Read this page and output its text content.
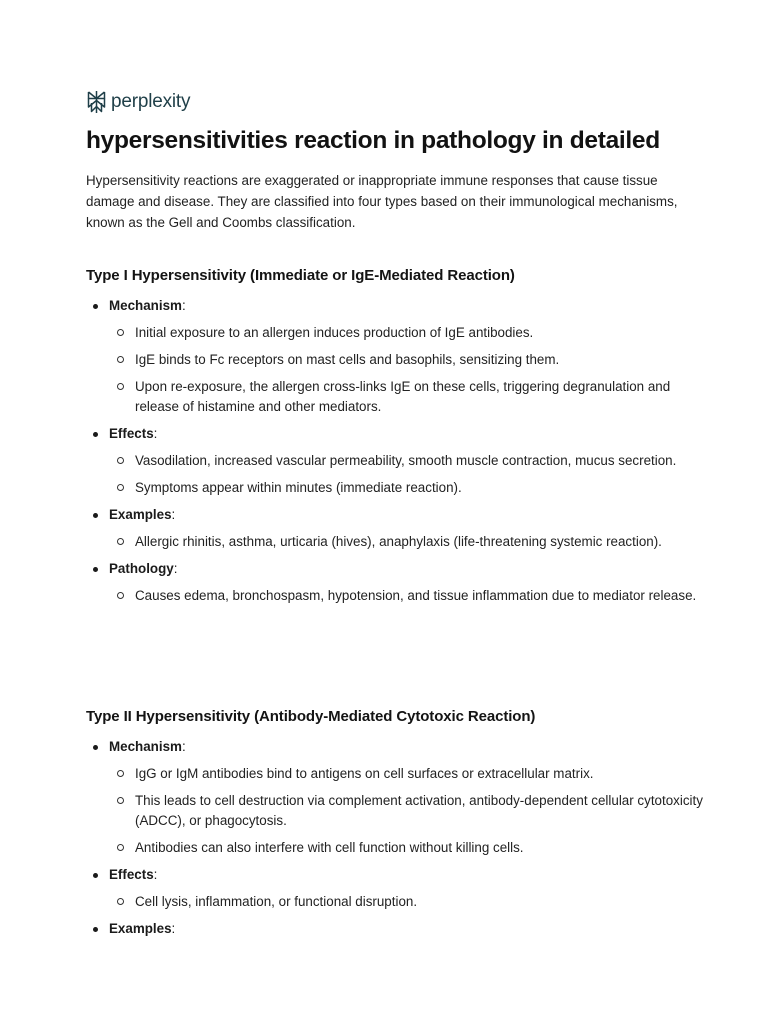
perplexity
hypersensitivities reaction in pathology in detailed

Hypersensitivity reactions are exaggerated or inappropriate immune responses that cause tissue damage and disease. They are classified into four types based on their immunological mechanisms, known as the Gell and Coombs classification.

Type I Hypersensitivity (Immediate or IgE-Mediated Reaction)
Mechanism:
Initial exposure to an allergen induces production of IgE antibodies.
IgE binds to Fc receptors on mast cells and basophils, sensitizing them.
Upon re-exposure, the allergen cross-links IgE on these cells, triggering degranulation and release of histamine and other mediators.
Effects:
Vasodilation, increased vascular permeability, smooth muscle contraction, mucus secretion.
Symptoms appear within minutes (immediate reaction).
Examples:
Allergic rhinitis, asthma, urticaria (hives), anaphylaxis (life-threatening systemic reaction).
Pathology:
Causes edema, bronchospasm, hypotension, and tissue inflammation due to mediator release.
Type II Hypersensitivity (Antibody-Mediated Cytotoxic Reaction)
Mechanism:
IgG or IgM antibodies bind to antigens on cell surfaces or extracellular matrix.
This leads to cell destruction via complement activation, antibody-dependent cellular cytotoxicity (ADCC), or phagocytosis.
Antibodies can also interfere with cell function without killing cells.
Effects:
Cell lysis, inflammation, or functional disruption.
Examples:
